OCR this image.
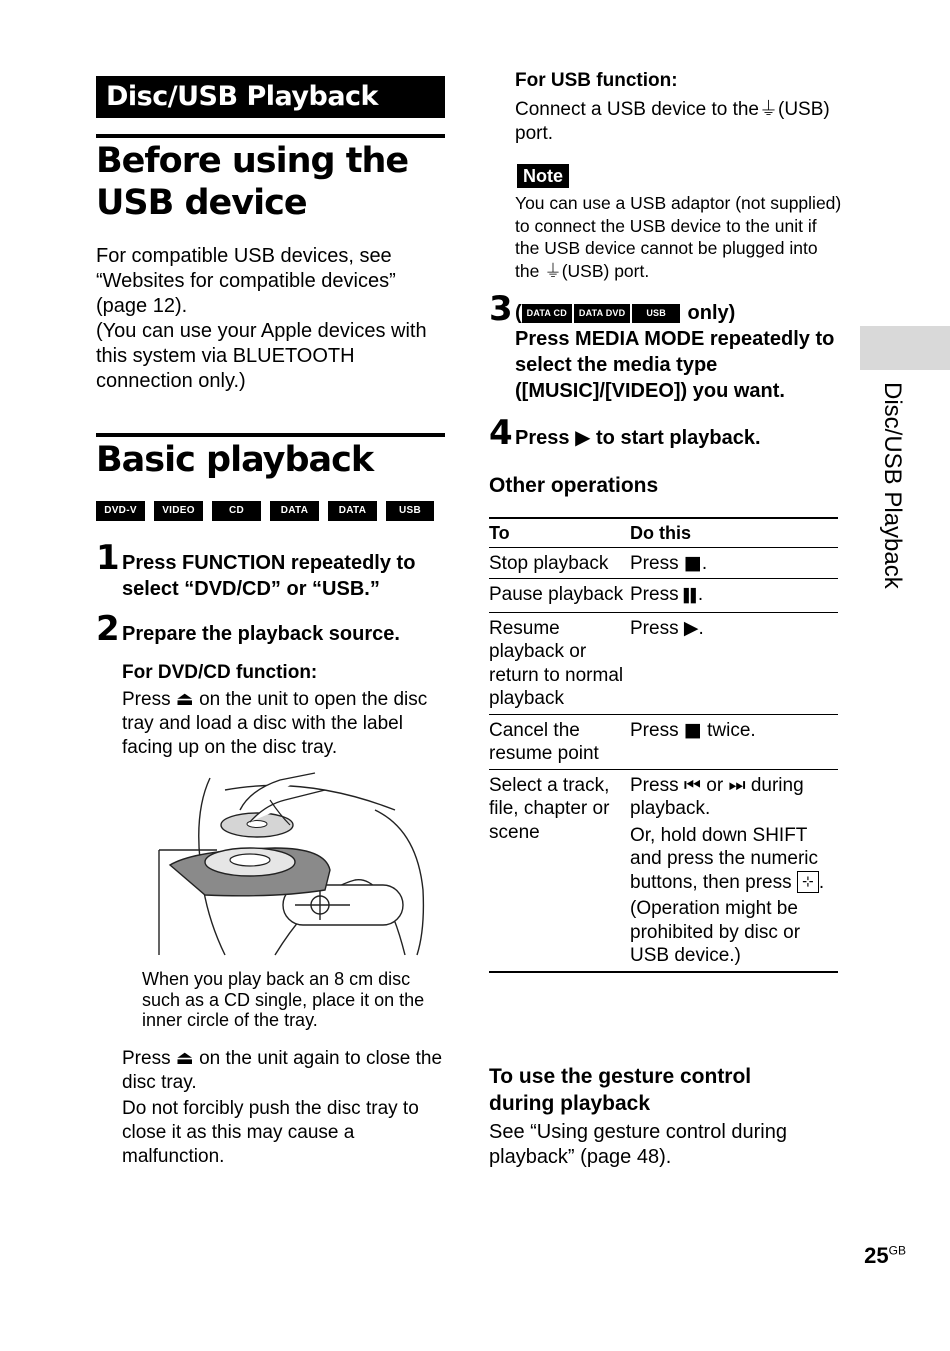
Disc/USB Playback
Before using the USB device
For compatible USB devices, see “Websites for compatible devices” (page 12).
(You can use your Apple devices with this system via BLUETOOTH connection only.)
Basic playback
DVD-V	VIDEO CD
CD	DATA CD
DATA DVD
USB
1 Press FUNCTION repeatedly to select “DVD/CD” or “USB.”
2 Prepare the playback source.
For DVD/CD function:
Press ⏏ on the unit to open the disc tray and load a disc with the label facing up on the disc tray.
When you play back an 8 cm disc such as a CD single, place it on the inner circle of the tray.
Press ⏏ on the unit again to close the disc tray.
Do not forcibly push the disc tray to close it as this may cause a malfunction.
For USB function:
Connect a USB device to the⏚(USB) port.
Note
You can use a USB adaptor (not supplied) to connect the USB device to the unit if the USB device cannot be plugged into the ⏚(USB) port.
3 ( DATA CD DATA DVD USB only)
Press MEDIA MODE repeatedly to select the media type ([MUSIC]/[VIDEO]) you want.
4 Press ▶ to start playback.
Other operations
To	Do this
Stop playback	Press ■.
Pause playback	Press ▌▌.
Resume playback or return to normal playback	Press ▶.
Cancel the resume point	Press ■ twice.
Select a track, file, chapter or scene	Press ⏮ or ⏭ during playback.
Or, hold down SHIFT and press the numeric buttons, then press ⊹ .
(Operation might be prohibited by disc or USB device.)
To use the gesture control during playback
See “Using gesture control during playback” (page 48).
Disc/USB Playback
$25^{GB}$
